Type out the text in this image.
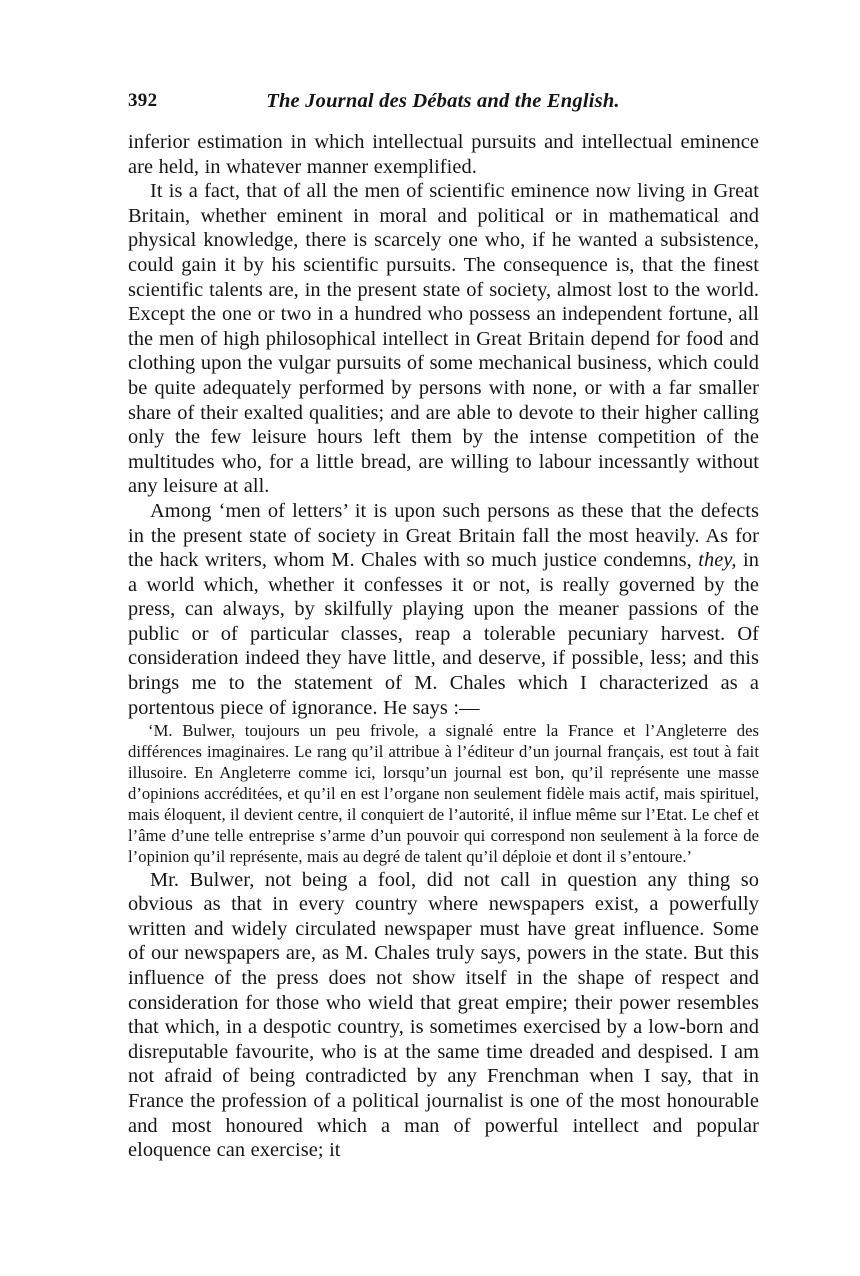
392	The Journal des Débats and the English.

inferior estimation in which intellectual pursuits and intellectual eminence are held, in whatever manner exemplified.

It is a fact, that of all the men of scientific eminence now living in Great Britain, whether eminent in moral and political or in mathematical and physical knowledge, there is scarcely one who, if he wanted a subsistence, could gain it by his scientific pursuits. The consequence is, that the finest scientific talents are, in the present state of society, almost lost to the world. Except the one or two in a hundred who possess an independent fortune, all the men of high philosophical intellect in Great Britain depend for food and clothing upon the vulgar pursuits of some mechanical business, which could be quite adequately performed by persons with none, or with a far smaller share of their exalted qualities; and are able to devote to their higher calling only the few leisure hours left them by the intense competition of the multitudes who, for a little bread, are willing to labour incessantly without any leisure at all.

Among ‘men of letters’ it is upon such persons as these that the defects in the present state of society in Great Britain fall the most heavily. As for the hack writers, whom M. Chales with so much justice condemns, they, in a world which, whether it confesses it or not, is really governed by the press, can always, by skilfully playing upon the meaner passions of the public or of particular classes, reap a tolerable pecuniary harvest. Of consideration indeed they have little, and deserve, if possible, less; and this brings me to the statement of M. Chales which I characterized as a portentous piece of ignorance. He says :—

‘M. Bulwer, toujours un peu frivole, a signalé entre la France et l’Angleterre des différences imaginaires. Le rang qu’il attribue à l’éditeur d’un journal français, est tout à fait illusoire. En Angleterre comme ici, lorsqu’un journal est bon, qu’il représente une masse d’opinions accréditées, et qu’il en est l’organe non seulement fidèle mais actif, mais spirituel, mais éloquent, il devient centre, il conquiert de l’autorité, il influe même sur l’Etat. Le chef et l’âme d’une telle entreprise s’arme d’un pouvoir qui correspond non seulement à la force de l’opinion qu’il représente, mais au degré de talent qu’il déploie et dont il s’entoure.’

Mr. Bulwer, not being a fool, did not call in question any thing so obvious as that in every country where newspapers exist, a powerfully written and widely circulated newspaper must have great influence. Some of our newspapers are, as M. Chales truly says, powers in the state. But this influence of the press does not show itself in the shape of respect and consideration for those who wield that great empire; their power resembles that which, in a despotic country, is sometimes exercised by a low-born and disreputable favourite, who is at the same time dreaded and despised. I am not afraid of being contradicted by any Frenchman when I say, that in France the profession of a political journalist is one of the most honourable and most honoured which a man of powerful intellect and popular eloquence can exercise; it
